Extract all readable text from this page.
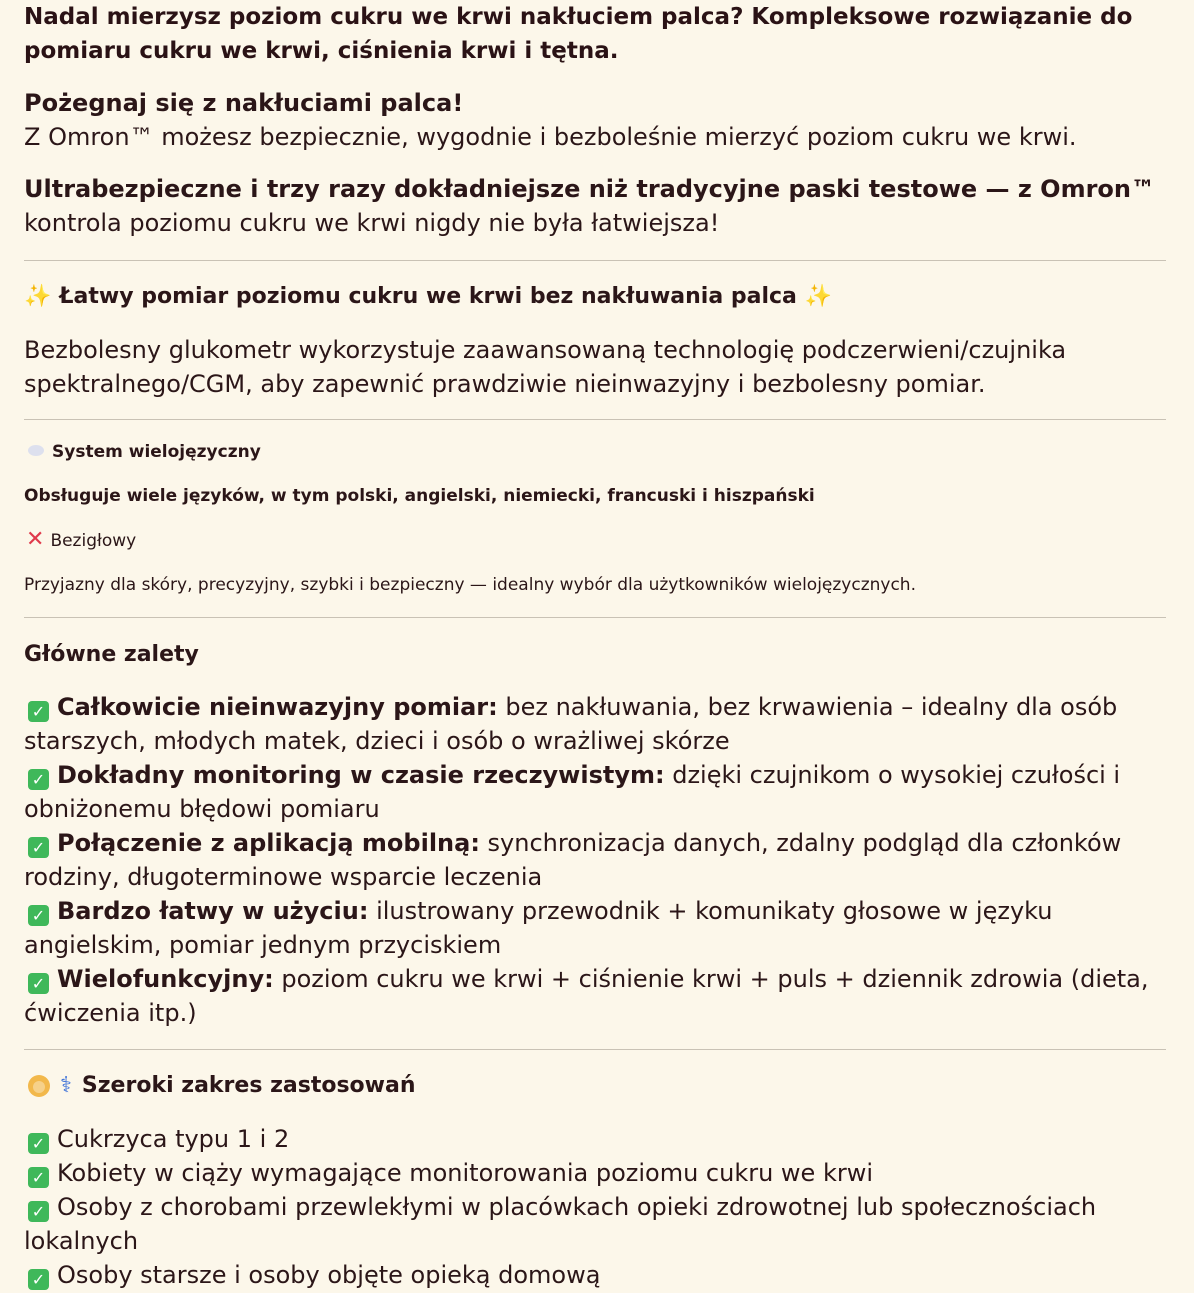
Nadal mierzysz poziom cukru we krwi nakłuciem palca? Kompleksowe rozwiązanie do pomiaru cukru we krwi, ciśnienia krwi i tętna.

Pożegnaj się z nakłuciami palca!

Z Omron™ możesz bezpiecznie, wygodnie i bezboleśnie mierzyć poziom cukru we krwi.

Ultrabezpieczne i trzy razy dokładniejsze niż tradycyjne paski testowe — z Omron™ kontrola poziomu cukru we krwi nigdy nie była łatwiejsza!

✨ Łatwy pomiar poziomu cukru we krwi bez nakłuwania palca ✨

Bezbolesny glukometr wykorzystuje zaawansowaną technologię podczerwieni/czujnika spektralnego/CGM, aby zapewnić prawdziwie nieinwazyjny i bezbolesny pomiar.

System wielojęzyczny

Obsługuje wiele języków, w tym polski, angielski, niemiecki, francuski i hiszpański

✕ Bezigłowy

Przyjazny dla skóry, precyzyjny, szybki i bezpieczny — idealny wybór dla użytkowników wielojęzycznych.

Główne zalety

✓ Całkowicie nieinwazyjny pomiar: bez nakłuwania, bez krwawienia – idealny dla osób starszych, młodych matek, dzieci i osób o wrażliwej skórze
✓ Dokładny monitoring w czasie rzeczywistym: dzięki czujnikom o wysokiej czułości i obniżonemu błędowi pomiaru
✓ Połączenie z aplikacją mobilną: synchronizacja danych, zdalny podgląd dla członków rodziny, długoterminowe wsparcie leczenia
✓ Bardzo łatwy w użyciu: ilustrowany przewodnik + komunikaty głosowe w języku angielskim, pomiar jednym przyciskiem
✓ Wielofunkcyjny: poziom cukru we krwi + ciśnienie krwi + puls + dziennik zdrowia (dieta, ćwiczenia itp.)
⚕ Szeroki zakres zastosowań
✓ Cukrzyca typu 1 i 2
✓ Kobiety w ciąży wymagające monitorowania poziomu cukru we krwi
✓ Osoby z chorobami przewlekłymi w placówkach opieki zdrowotnej lub społecznościach lokalnych
✓ Osoby starsze i osoby objęte opieką domową
